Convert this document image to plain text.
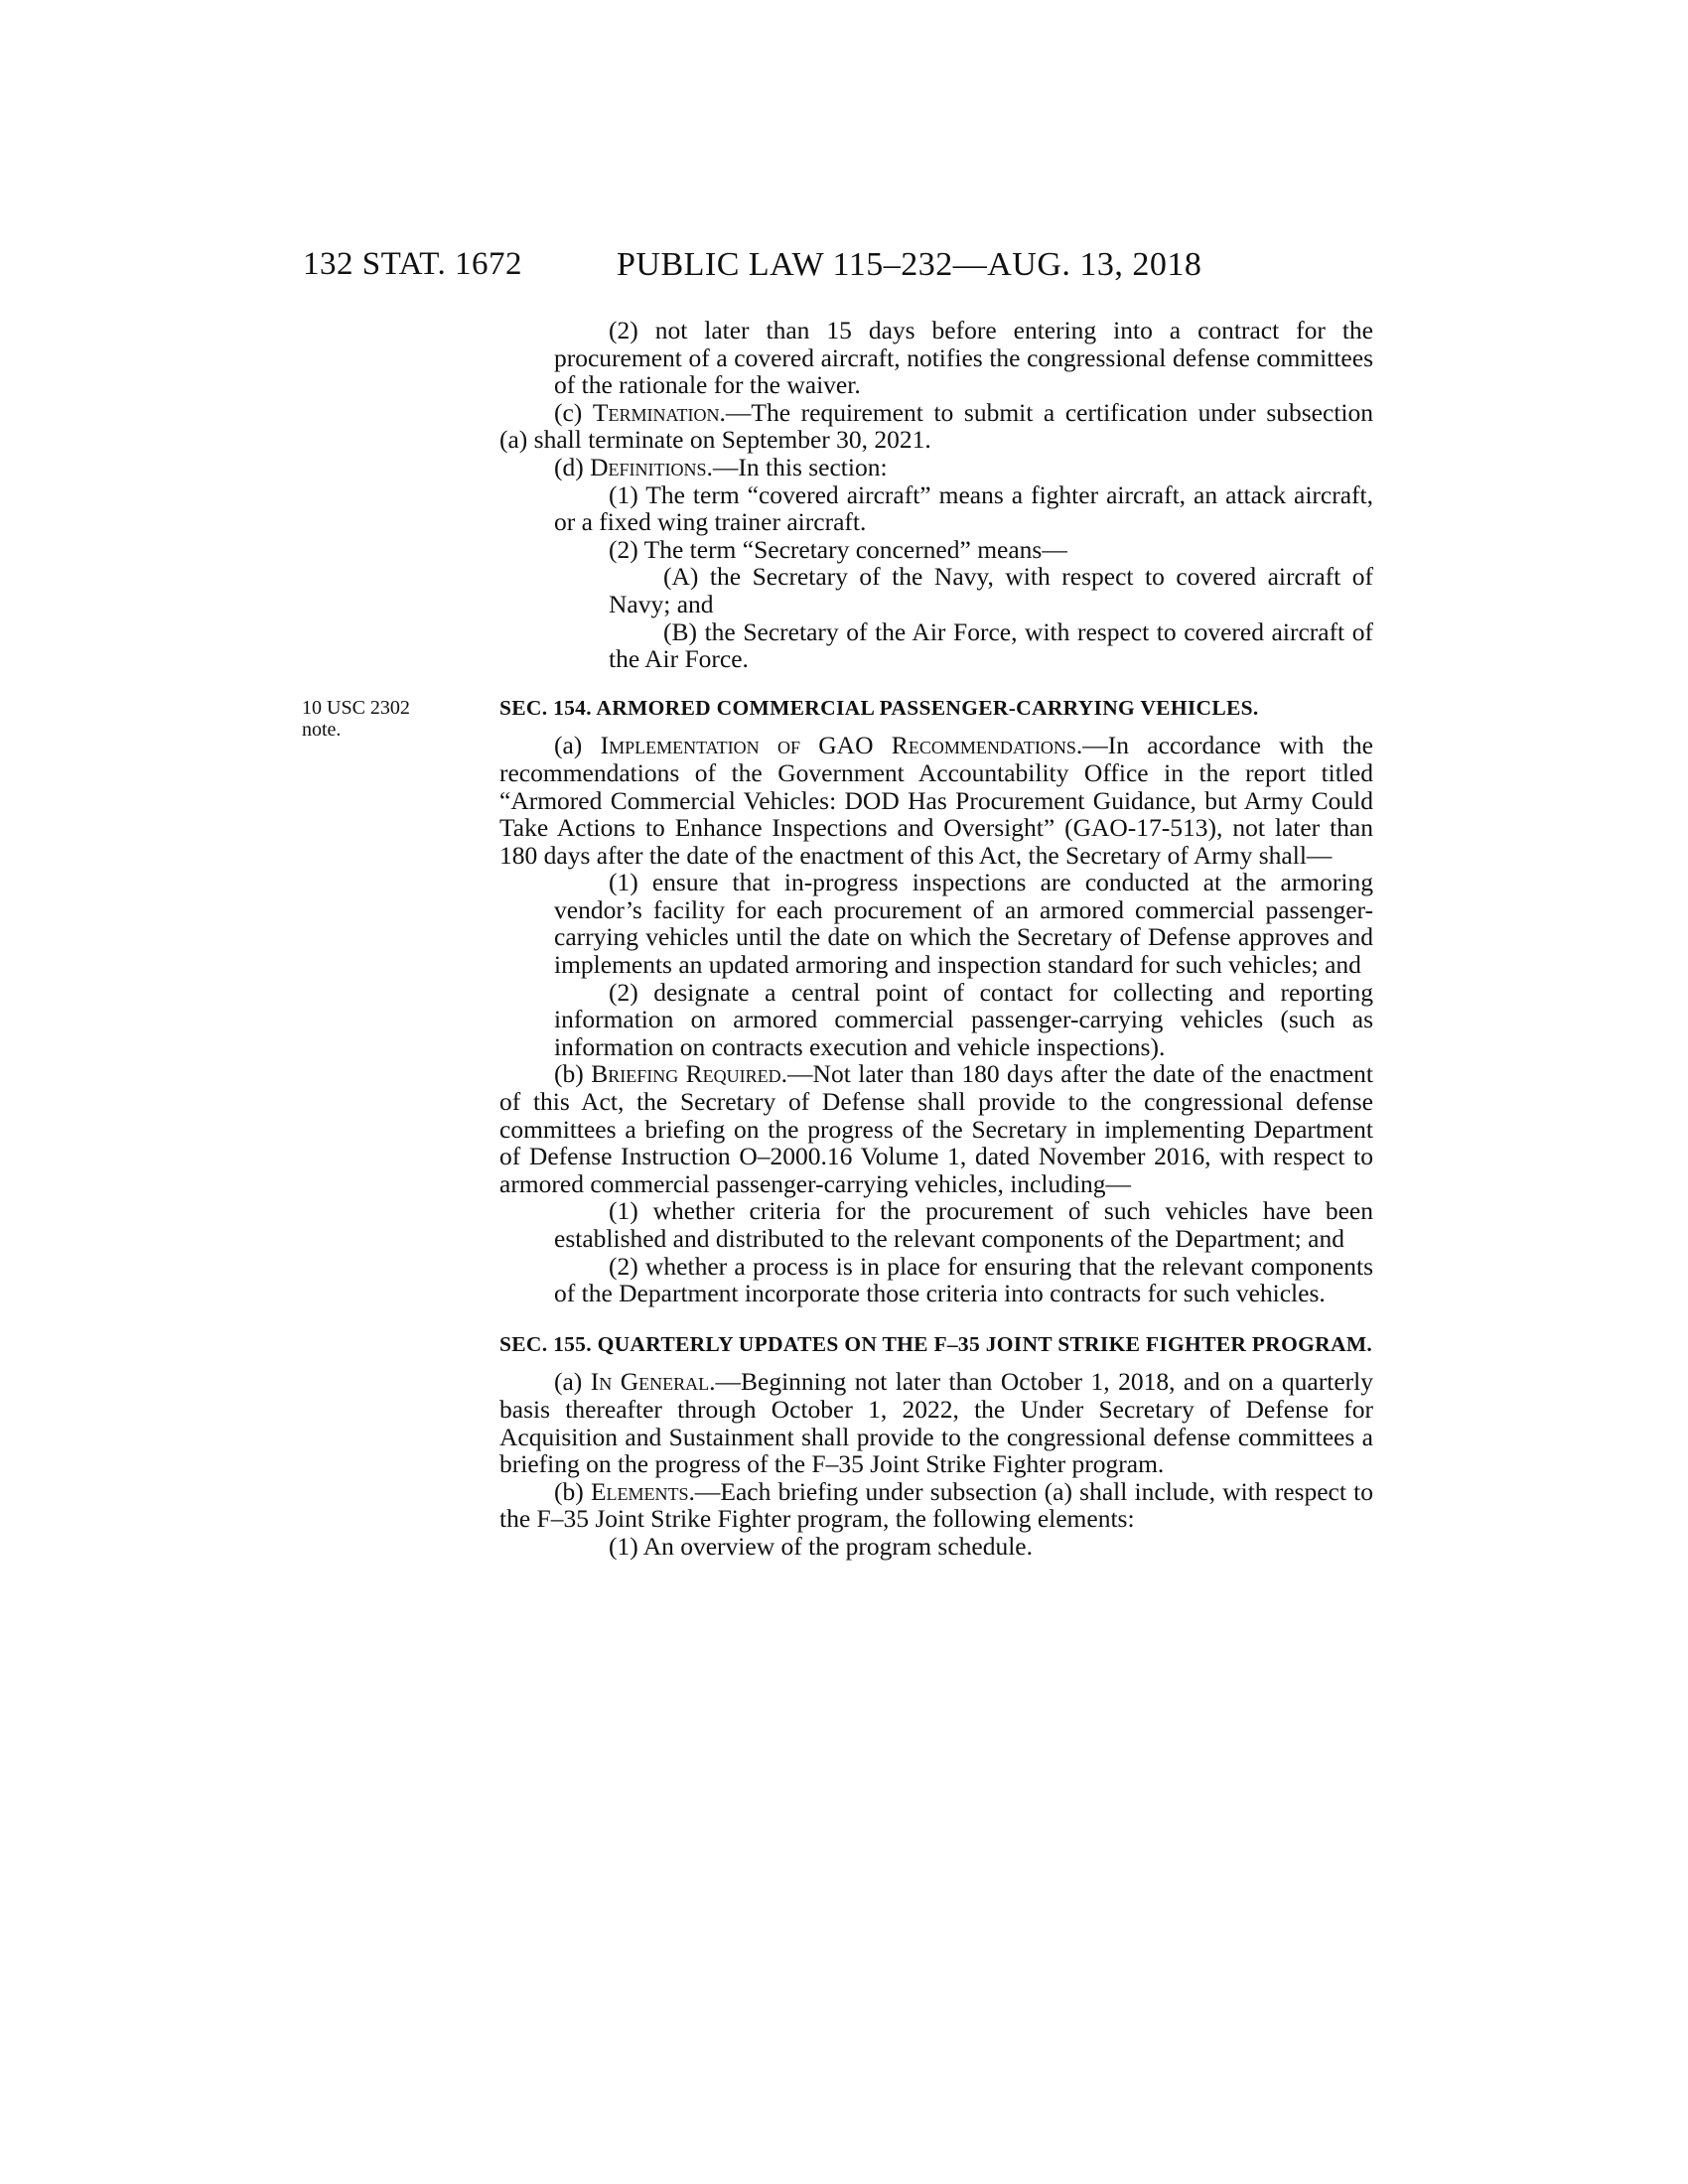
132 STAT. 1672	PUBLIC LAW 115–232—AUG. 13, 2018
10 USC 2302
note.

(2) not later than 15 days before entering into a contract for the procurement of a covered aircraft, notifies the congressional defense committees of the rationale for the waiver.

(c) Termination.—The requirement to submit a certification under subsection (a) shall terminate on September 30, 2021.

(d) Definitions.—In this section:

(1) The term “covered aircraft” means a fighter aircraft, an attack aircraft, or a fixed wing trainer aircraft.

(2) The term “Secretary concerned” means—

(A) the Secretary of the Navy, with respect to covered aircraft of Navy; and

(B) the Secretary of the Air Force, with respect to covered aircraft of the Air Force.

SEC. 154. ARMORED COMMERCIAL PASSENGER-CARRYING VEHICLES.

(a) Implementation of GAO Recommendations.—In accordance with the recommendations of the Government Accountability Office in the report titled “Armored Commercial Vehicles: DOD Has Procurement Guidance, but Army Could Take Actions to Enhance Inspections and Oversight” (GAO-17-513), not later than 180 days after the date of the enactment of this Act, the Secretary of Army shall—

(1) ensure that in-progress inspections are conducted at the armoring vendor’s facility for each procurement of an armored commercial passenger-carrying vehicles until the date on which the Secretary of Defense approves and implements an updated armoring and inspection standard for such vehicles; and

(2) designate a central point of contact for collecting and reporting information on armored commercial passenger-carrying vehicles (such as information on contracts execution and vehicle inspections).

(b) Briefing Required.—Not later than 180 days after the date of the enactment of this Act, the Secretary of Defense shall provide to the congressional defense committees a briefing on the progress of the Secretary in implementing Department of Defense Instruction O–2000.16 Volume 1, dated November 2016, with respect to armored commercial passenger-carrying vehicles, including—

(1) whether criteria for the procurement of such vehicles have been established and distributed to the relevant components of the Department; and

(2) whether a process is in place for ensuring that the relevant components of the Department incorporate those criteria into contracts for such vehicles.

SEC. 155. QUARTERLY UPDATES ON THE F–35 JOINT STRIKE FIGHTER PROGRAM.

(a) In General.—Beginning not later than October 1, 2018, and on a quarterly basis thereafter through October 1, 2022, the Under Secretary of Defense for Acquisition and Sustainment shall provide to the congressional defense committees a briefing on the progress of the F–35 Joint Strike Fighter program.

(b) Elements.—Each briefing under subsection (a) shall include, with respect to the F–35 Joint Strike Fighter program, the following elements:

(1) An overview of the program schedule.
